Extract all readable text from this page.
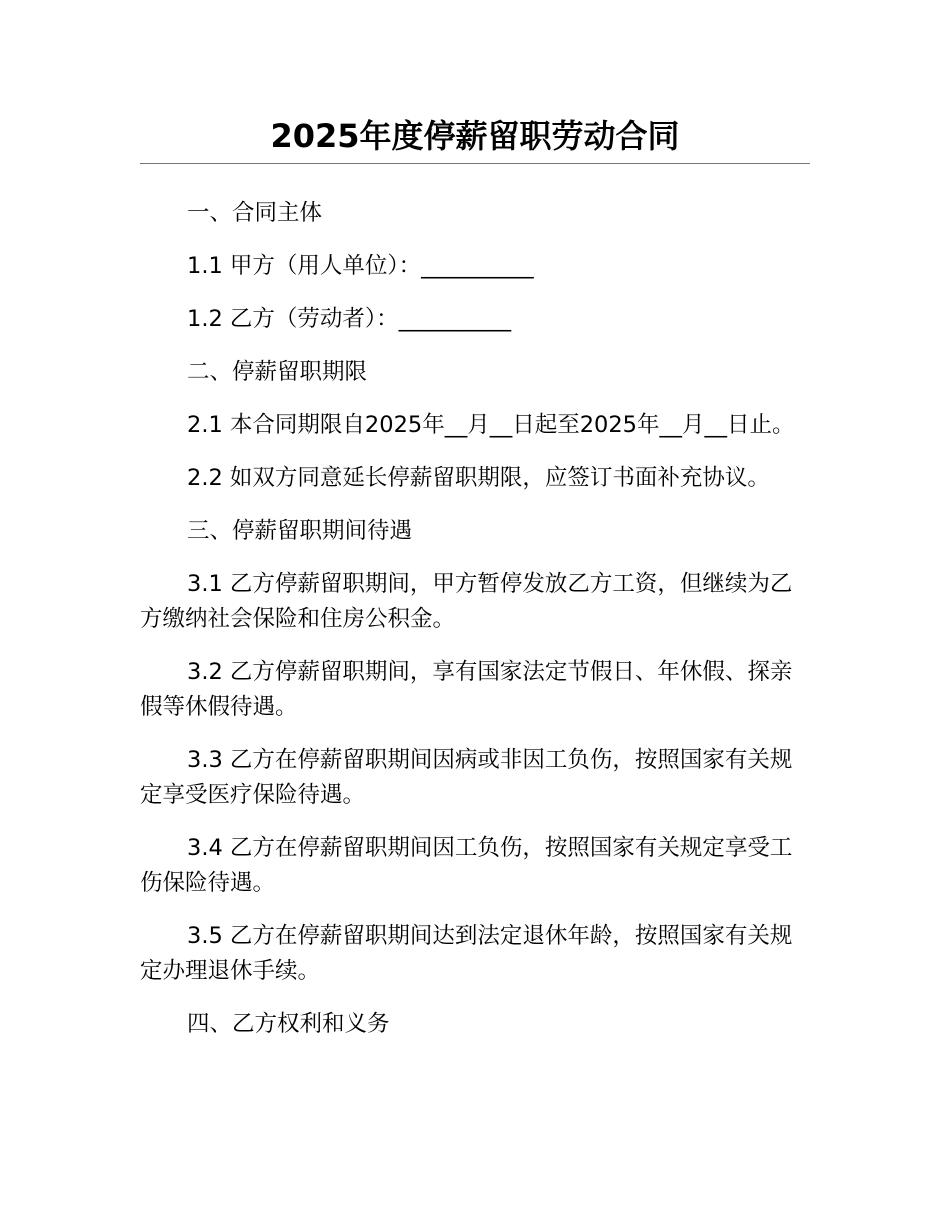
2025年度停薪留职劳动合同

一、合同主体

1.1 甲方（用人单位）：__________

1.2 乙方（劳动者）：__________

二、停薪留职期限

2.1 本合同期限自2025年__月__日起至2025年__月__日止。

2.2 如双方同意延长停薪留职期限，应签订书面补充协议。

三、停薪留职期间待遇

3.1 乙方停薪留职期间，甲方暂停发放乙方工资，但继续为乙方缴纳社会保险和住房公积金。

3.2 乙方停薪留职期间，享有国家法定节假日、年休假、探亲假等休假待遇。

3.3 乙方在停薪留职期间因病或非因工负伤，按照国家有关规定享受医疗保险待遇。

3.4 乙方在停薪留职期间因工负伤，按照国家有关规定享受工伤保险待遇。

3.5 乙方在停薪留职期间达到法定退休年龄，按照国家有关规定办理退休手续。

四、乙方权利和义务
